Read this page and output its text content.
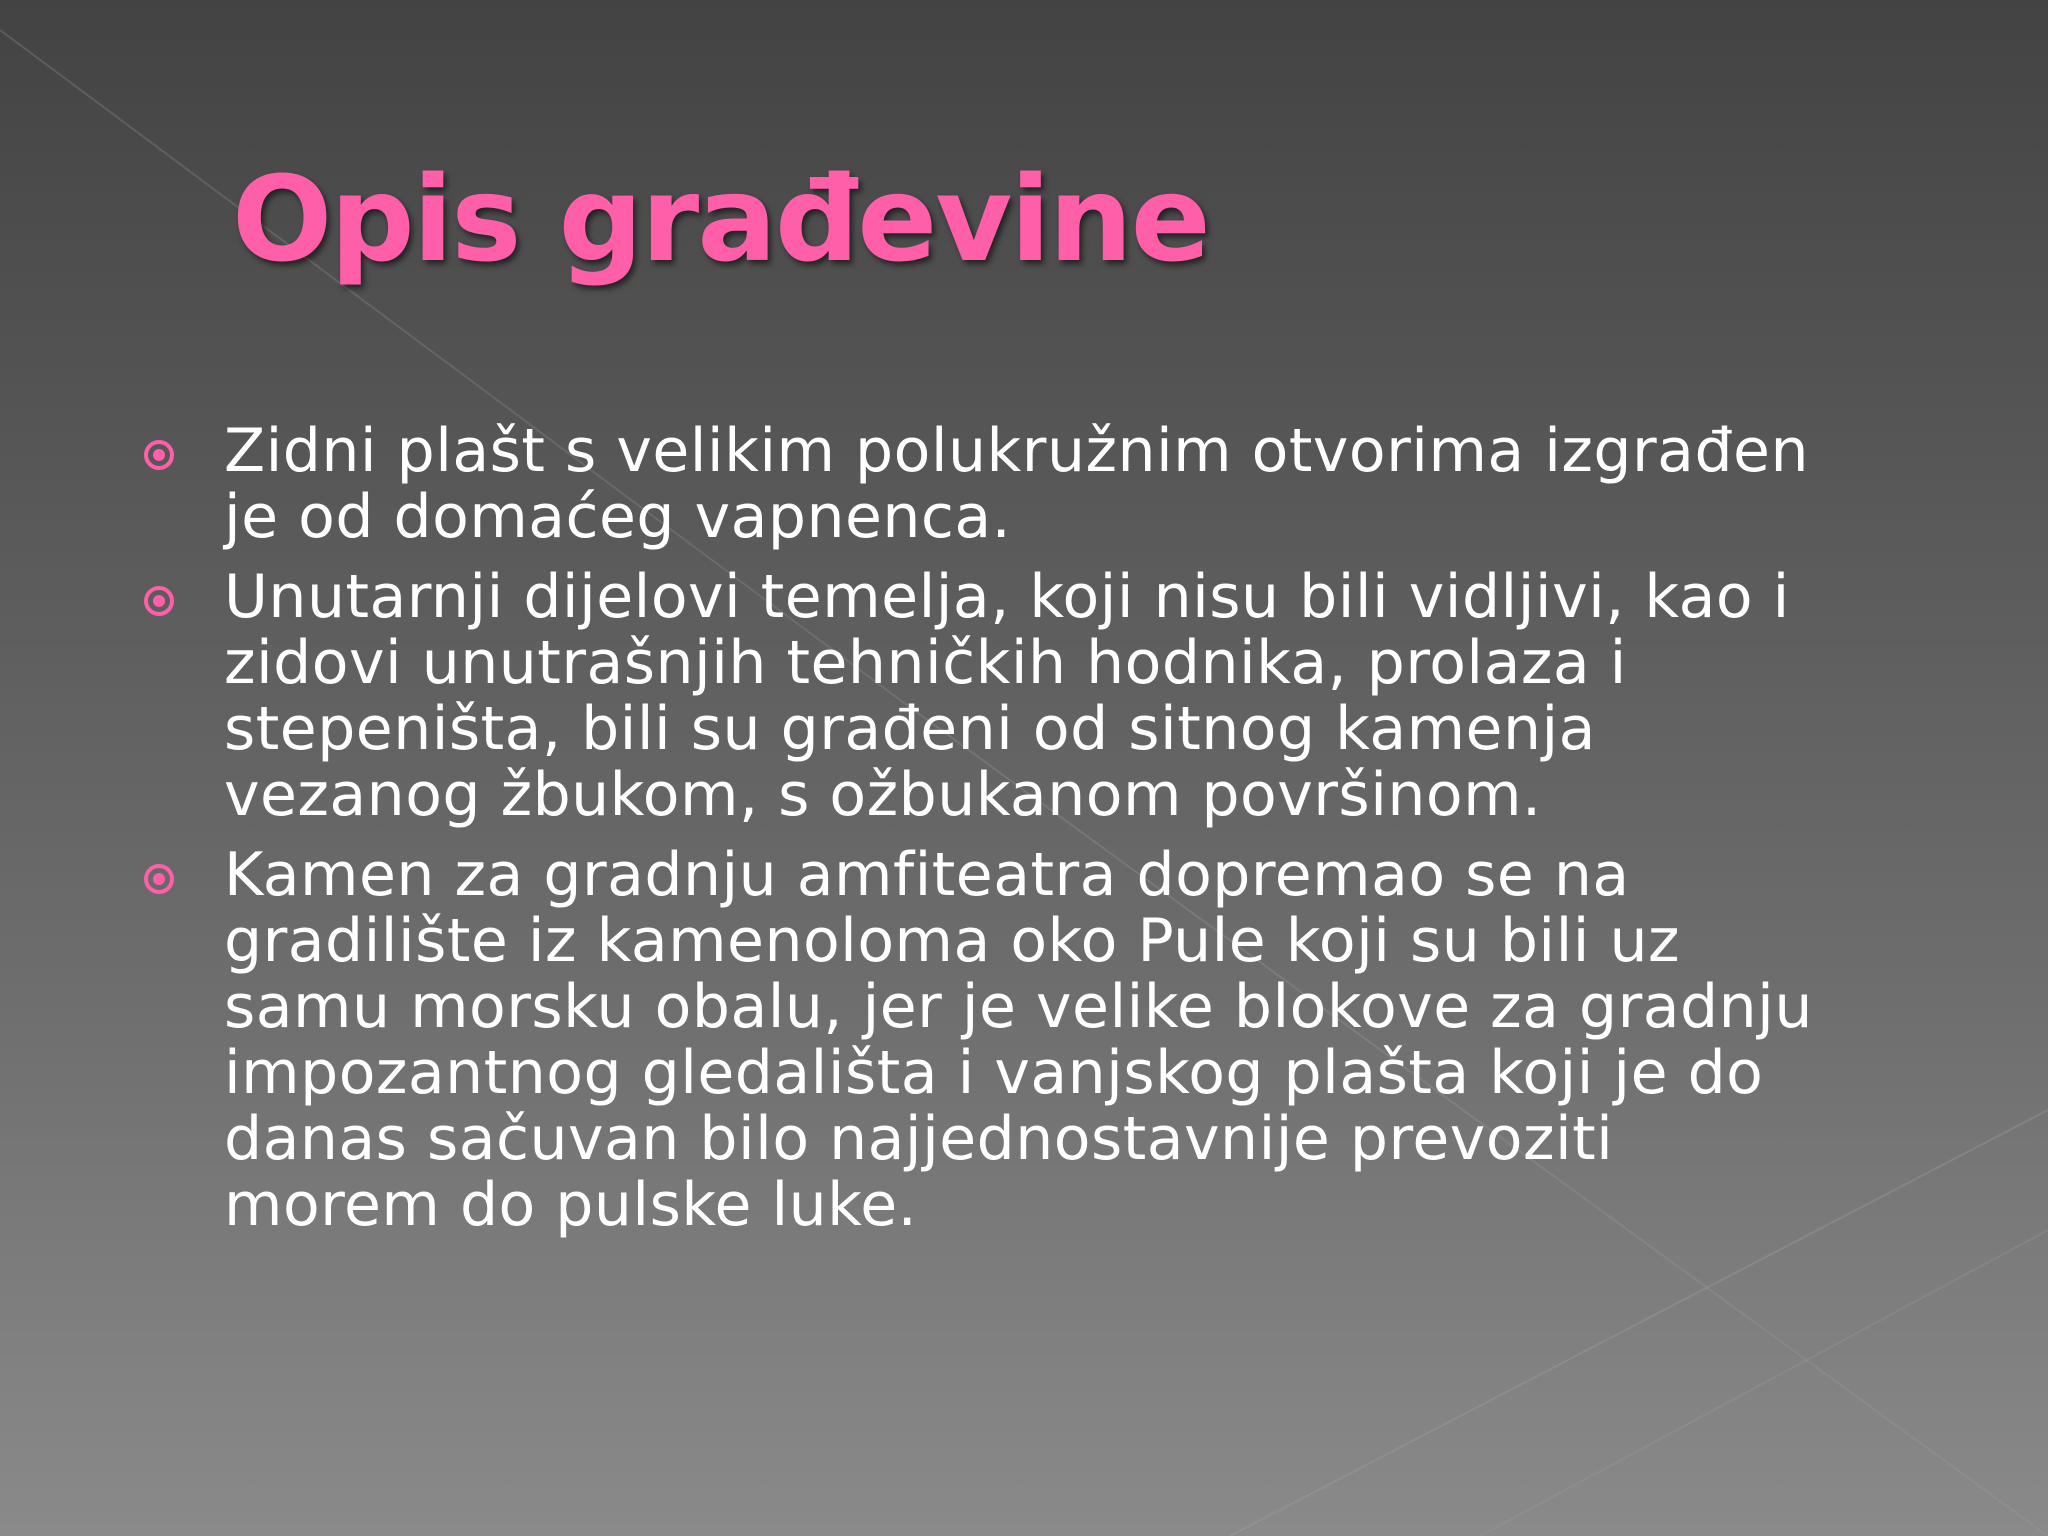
Opis građevine
Zidni plašt s velikim polukružnim otvorima izgrađen
je od domaćeg vapnenca.
Unutarnji dijelovi temelja, koji nisu bili vidljivi, kao i
zidovi unutrašnjih tehničkih hodnika, prolaza i
stepeništa, bili su građeni od sitnog kamenja
vezanog žbukom, s ožbukanom površinom.
Kamen za gradnju amfiteatra dopremao se na
gradilište iz kamenoloma oko Pule koji su bili uz
samu morsku obalu, jer je velike blokove za gradnju
impozantnog gledališta i vanjskog plašta koji je do
danas sačuvan bilo najjednostavnije prevoziti
morem do pulske luke.
